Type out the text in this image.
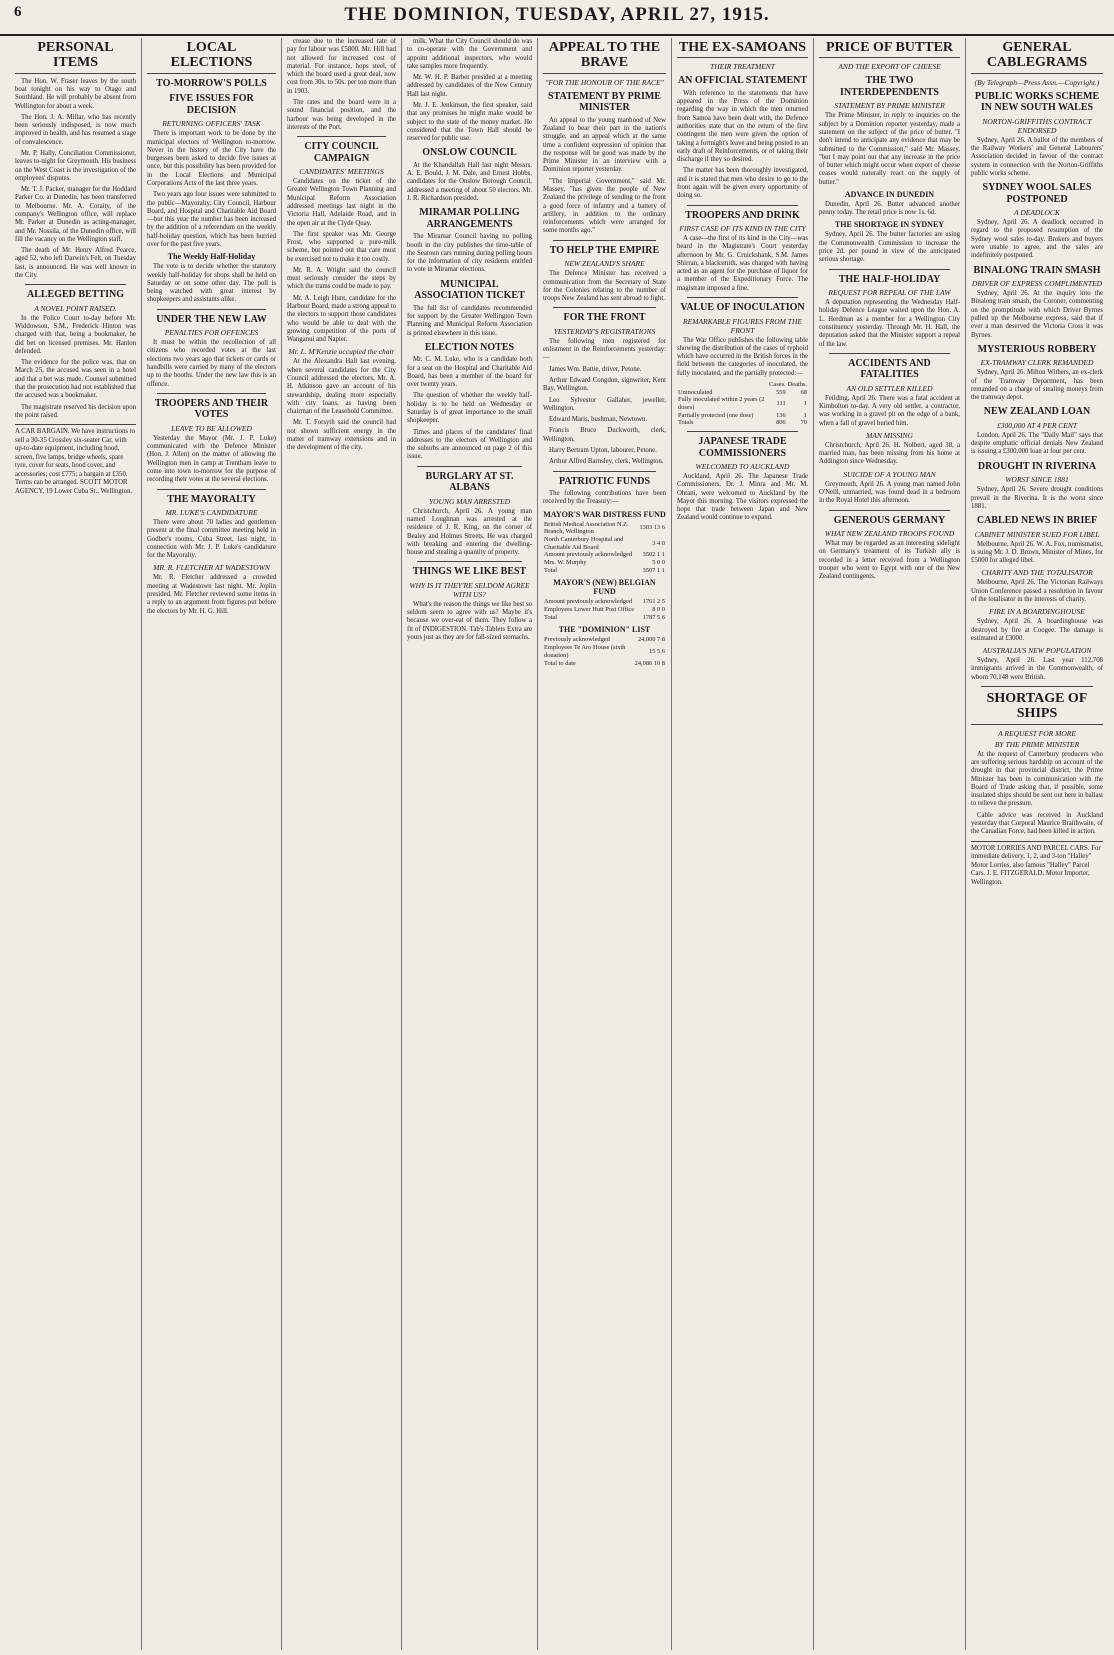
6	THE DOMINION, TUESDAY, APRIL 27, 1915.
PERSONAL ITEMS

The Hon. W. Fraser leaves by the south boat tonight on his way to Otago and Southland. He will probably be absent from Wellington for about a week.

The Hon. J. A. Millar, who has recently been seriously indisposed, is now much improved in health, and has resumed a stage of convalescence.

Mr. P. Hally, Conciliation Commissioner, leaves to-night for Greymouth. His business on the West Coast is the investigation of the employees' disputes.

Mr. T. J. Packer, manager for the Hoddard Parker Co. at Dunedin, has been transferred to Melbourne. Mr. A. Coraity, of the company's Wellington office, will replace Mr. Parker at Dunedin as acting-manager, and Mr. Nossila, of the Dunedin office, will fill the vacancy on the Wellington staff.

The death of Mr. Henry Alfred Pearce, aged 52, who left Darwin's Felt, on Tuesday last, is announced. He was well known in the City.

ALLEGED BETTING
A NOVEL POINT RAISED.

In the Police Court to-day before Mr. Widdowson, S.M., Frederick Hinton was charged with that, being a bookmaker, he did bet on licensed premises. Mr. Hanlon defended.

The evidence for the police was, that on March 25, the accused was seen in a hotel and that a bet was made. Counsel submitted that the prosecution had not established that the accused was a bookmaker.

The magistrate reserved his decision upon the point raised.

A CAR BARGAIN. We have instructions to sell a 30-35 Crossley six-seater Car, with up-to-date equipment, including hood, screen, five lamps, bridge wheels, spare tyre, cover for seats, hood cover, and accessories; cost £775; a bargain at £350. Terms can be arranged. SCOTT MOTOR AGENCY, 19 Lower Cuba St., Wellington.
LOCAL ELECTIONS
TO-MORROW'S POLLS
FIVE ISSUES FOR DECISION
RETURNING OFFICERS' TASK

There is important work to be done by the municipal electors of Wellington to-morrow. Never in the history of the City have the burgesses been asked to decide five issues at once, but this possibility has been provided for in the Local Elections and Municipal Corporations Acts of the last three years.

Two years ago four issues were submitted to the public—Mayoralty, City Council, Harbour Board, and Hospital and Charitable Aid Board—but this year the number has been increased by the addition of a referendum on the weekly half-holiday question, which has been hurried over for the past five years.

The Weekly Half-Holiday

The vote is to decide whether the statutory weekly half-holiday for shops shall be held on Saturday or on some other day. The poll is being watched with great interest by shopkeepers and assistants alike.

UNDER THE NEW LAW
PENALTIES FOR OFFENCES

It must be within the recollection of all citizens who recorded votes at the last elections two years ago that tickets or cards or handbills were carried by many of the electors up to the booths. Under the new law this is an offence.

TROOPERS AND THEIR VOTES
LEAVE TO BE ALLOWED

Yesterday the Mayor (Mr. J. P. Luke) communicated with the Defence Minister (Hon. J. Allen) on the matter of allowing the Wellington men in camp at Trentham leave to come into town to-morrow for the purpose of recording their votes at the several elections.

THE MAYORALTY
MR. LUKE'S CANDIDATURE

There were about 70 ladies and gentlemen present at the final committee meeting held in Godber's rooms, Cuba Street, last night, in connection with Mr. J. P. Luke's candidature for the Mayoralty.

MR. R. FLETCHER AT WADESTOWN

Mr. R. Fletcher addressed a crowded meeting at Wadestown last night. Mr. Joplin presided. Mr. Fletcher reviewed some items in a reply to an argument from figures put before the electors by Mr. H. G. Hill.

crease due to the increased rate of pay for labour was £5800. Mr. Hill had not allowed for increased cost of material. For instance, hops steel, of which the board used a great deal, now cost from 30s. to 50s. per ton more than in 1903.

The rates and the board were in a sound financial position, and the harbour was being developed in the interests of the Port.

CITY COUNCIL CAMPAIGN
CANDIDATES' MEETINGS

Candidates on the ticket of the Greater Wellington Town Planning and Municipal Reform Association addressed meetings last night in the Victoria Hall, Adelaide Road, and in the open air at the Clyde Quay.

The first speaker was Mr. George Frost, who supported a pure-milk scheme, but pointed out that care must be exercised not to make it too costly.

Mr. R. A. Wright said the council must seriously consider the steps by which the trams could be made to pay.

Mr. A. Leigh Hunt, candidate for the Harbour Board, made a strong appeal to the electors to support those candidates who would be able to deal with the growing competition of the ports of Wanganui and Napier.

Mr. L. M'Kenzie occupied the chair

At the Alexandra Hall last evening, when several candidates for the City Council addressed the electors, Mr. A. H. Atkinson gave an account of his stewardship, dealing more especially with city loans, as having been chairman of the Leasehold Committee.

Mr. T. Forsyth said the council had not shown sufficient energy in the matter of tramway extensions and in the development of the city.

milk. What the City Council should do was to co-operate with the Government and appoint additional inspectors, who would take samples more frequently.

Mr. W. H. P. Barber presided at a meeting addressed by candidates of the New Century Hall last night.

Mr. J. E. Jenkinson, the first speaker, said that any promises he might make would be subject to the state of the money market. He considered that the Town Hall should be reserved for public use.

ONSLOW COUNCIL

At the Khandallah Hall last night Messrs. A. E. Bould, J. M. Dale, and Ernest Hobbs, candidates for the Onslow Borough Council, addressed a meeting of about 50 electors. Mr. J. R. Richardson presided.

MIRAMAR POLLING ARRANGEMENTS

The Miramar Council having no polling booth in the city publishes the time-table of the Seatoun cars running during polling hours for the information of city residents entitled to vote in Miramar elections.

MUNICIPAL ASSOCIATION TICKET

The full list of candidates recommended for support by the Greater Wellington Town Planning and Municipal Reform Association is printed elsewhere in this issue.

ELECTION NOTES

Mr. C. M. Luke, who is a candidate both for a seat on the Hospital and Charitable Aid Board, has been a member of the board for over twenty years.

The question of whether the weekly half-holiday is to be held on Wednesday or Saturday is of great importance to the small shopkeeper.

Times and places of the candidates' final addresses to the electors of Wellington and the suburbs are announced on page 2 of this issue.

BURGLARY AT ST. ALBANS
YOUNG MAN ARRESTED

Christchurch, April 26. A young man named Loughnan was arrested at the residence of J. R. King, on the corner of Bealey and Holmes Streets. He was charged with breaking and entering the dwelling-house and stealing a quantity of property.

THINGS WE LIKE BEST
WHY IS IT THEY'RE SELDOM AGREE WITH US?

What's the reason the things we like best so seldom seem to agree with us? Maybe it's because we over-eat of them. They follow a fit of INDIGESTION. Tab's Tablets Extra are yours just as they are for fall-sized stomachs.

APPEAL TO THE BRAVE
"FOR THE HONOUR OF THE RACE"
STATEMENT BY PRIME MINISTER

An appeal to the young manhood of New Zealand to bear their part in the nation's struggle, and an appeal which at the same time a confident expression of opinion that the response will be good was made by the Prime Minister in an interview with a Dominion reporter yesterday.

"The Imperial Government," said Mr. Massey, "has given the people of New Zealand the privilege of sending to the front a good force of infantry and a battery of artillery, in addition to the ordinary reinforcements which were arranged for some months ago."

TO HELP THE EMPIRE
NEW ZEALAND'S SHARE

The Defence Minister has received a communication from the Secretary of State for the Colonies relating to the number of troops New Zealand has sent abroad to fight.

FOR THE FRONT
YESTERDAY'S REGISTRATIONS

The following men registered for enlistment in the Reinforcements yesterday:—

James Wm. Battie, driver, Petone.

Arthur Edward Congdon, signwriter, Kent Bay, Wellington.

Leo Sylvestor Gallaher, jeweller, Wellington.

Edward Maris, bushman, Newtown.

Francis Bruce Duckworth, clerk, Wellington.

Harry Bertram Upton, labourer, Petone.

Arthur Alfred Barnsley, clerk, Wellington.

PATRIOTIC FUNDS

The following contributions have been received by the Treasury:—

MAYOR'S WAR DISTRESS FUND
British Medical Association N.Z. Branch, Wellington	1303 13 6
North Canterbury Hospital and Charitable Aid Board	3 4 0
Amount previously acknowledged	3502 1 1
Mrs. W. Murphy	5 0 0
Total	3507 1 1
MAYOR'S (NEW) BELGIAN FUND
Amount previously acknowledged	1761 2 5
Employees Lower Hutt Post Office	8 0 0
Total	1787 5 6
THE "DOMINION" LIST
Previously acknowledged	24,000 7 8
Employees Te Aro House (sixth donation)	15 5 6
Total to date	24,086 10 8
THE EX-SAMOANS
THEIR TREATMENT
AN OFFICIAL STATEMENT

With reference to the statements that have appeared in the Press of the Dominion regarding the way in which the men returned from Samoa have been dealt with, the Defence authorities state that on the return of the first contingent the men were given the option of taking a fortnight's leave and being posted to an early draft of Reinforcements, or of taking their discharge if they so desired.

The matter has been thoroughly investigated, and it is stated that men who desire to go to the front again will be given every opportunity of doing so.

TROOPERS AND DRINK
FIRST CASE OF ITS KIND IN THE CITY

A case—the first of its kind in the City—was heard in the Magistrate's Court yesterday afternoon by Mr. G. Cruickshank, S.M. James Shirran, a blacksmith, was charged with having acted as an agent for the purchase of liquor for a member of the Expeditionary Force. The magistrate imposed a fine.

VALUE OF INOCULATION
REMARKABLE FIGURES FROM THE FRONT

The War Office publishes the following table showing the distribution of the cases of typhoid which have occurred in the British forces in the field between the categories of inoculated, the fully inoculated, and the partially protected:—

	Cases.	Deaths.
Uninoculated	559	68
Fully inoculated within 2 years (2 doses)	111	1
Partially protected (one dose)	136	1
Totals	806	70
JAPANESE TRADE COMMISSIONERS
WELCOMED TO AUCKLAND

Auckland, April 26. The Japanese Trade Commissioners, Dr. J. Minra and Mr. M. Ohtani, were welcomed to Auckland by the Mayor this morning. The visitors expressed the hope that trade between Japan and New Zealand would continue to expand.

PRICE OF BUTTER
AND THE EXPORT OF CHEESE
THE TWO INTERDEPENDENTS
STATEMENT BY PRIME MINISTER

The Prime Minister, in reply to inquiries on the subject by a Dominion reporter yesterday, made a statement on the subject of the price of butter. "I don't intend to anticipate any evidence that may be submitted to the Commission," said Mr. Massey, "but I may point out that any increase in the price of butter which might occur when export of cheese ceases would naturally react on the supply of butter."

ADVANCE IN DUNEDIN

Dunedin, April 26. Butter advanced another penny today. The retail price is now 1s. 6d.

THE SHORTAGE IN SYDNEY

Sydney, April 26. The butter factories are using the Commonwealth Commission to increase the price 2d. per pound in view of the anticipated serious shortage.

THE HALF-HOLIDAY
REQUEST FOR REPEAL OF THE LAW

A deputation representing the Wednesday Half-holiday Defence League waited upon the Hon. A. L. Herdman as a member for a Wellington City constituency yesterday. Through Mr. H. Hall, the deputation asked that the Minister support a repeal of the law.

ACCIDENTS AND FATALITIES
AN OLD SETTLER KILLED

Feilding, April 26. There was a fatal accident at Kimbolton to-day. A very old settler, a contractor, was working in a gravel pit on the edge of a bank, when a fall of gravel buried him.

MAN MISSING

Christchurch, April 26. H. Nolbert, aged 38, a married man, has been missing from his home at Addington since Wednesday.

SUICIDE OF A YOUNG MAN

Greymouth, April 26. A young man named John O'Neill, unmarried, was found dead in a bedroom in the Royal Hotel this afternoon.

GENEROUS GERMANY
WHAT NEW ZEALAND TROOPS FOUND

What may be regarded as an interesting sidelight on Germany's treatment of its Turkish ally is recorded in a letter received from a Wellington trooper who went to Egypt with one of the New Zealand contingents.

GENERAL CABLEGRAMS
(By Telegraph—Press Assn.—Copyright.)
PUBLIC WORKS SCHEME IN NEW SOUTH WALES
NORTON-GRIFFITHS CONTRACT ENDORSED

Sydney, April 26. A ballot of the members of the Railway Workers' and General Labourers' Association decided in favour of the contract system in connection with the Norton-Griffiths public works scheme.

SYDNEY WOOL SALES POSTPONED
A DEADLOCK

Sydney, April 26. A deadlock occurred in regard to the proposed resumption of the Sydney wool sales to-day. Brokers and buyers were unable to agree, and the sales are indefinitely postponed.

BINALONG TRAIN SMASH
DRIVER OF EXPRESS COMPLIMENTED

Sydney, April 26. At the inquiry into the Binalong train smash, the Coroner, commenting on the promptitude with which Driver Byrnes pulled up the Melbourne express, said that if ever a man deserved the Victoria Cross it was Byrnes.

MYSTERIOUS ROBBERY
EX-TRAMWAY CLERK REMANDED

Sydney, April 26. Milton Withers, an ex-clerk of the Tramway Department, has been remanded on a charge of stealing moneys from the tramway depot.

NEW ZEALAND LOAN
£300,000 AT 4 PER CENT

London, April 26. The "Daily Mail" says that despite emphatic official denials New Zealand is issuing a £300,000 loan at four per cent.

DROUGHT IN RIVERINA
WORST SINCE 1881

Sydney, April 26. Severe drought conditions prevail in the Riverina. It is the worst since 1881.

CABLED NEWS IN BRIEF
CABINET MINISTER SUED FOR LIBEL

Melbourne, April 26. W. A. Fox, numismatist, is suing Mr. J. D. Brown, Minister of Mines, for £5000 for alleged libel.

CHARITY AND THE TOTALISATOR

Melbourne, April 26. The Victorian Railways Union Conference passed a resolution in favour of the totalisator in the interests of charity.

FIRE IN A BOARDINGHOUSE

Sydney, April 26. A boardinghouse was destroyed by fire at Coogee. The damage is estimated at £3000.

AUSTRALIA'S NEW POPULATION

Sydney, April 26. Last year 112,708 immigrants arrived in the Commonwealth, of whom 70,148 were British.

SHORTAGE OF SHIPS
A REQUEST FOR MORE
BY THE PRIME MINISTER

At the request of Canterbury producers who are suffering serious hardship on account of the drought in that provincial district, the Prime Minister has been in communication with the Board of Trade asking that, if possible, some insulated ships should be sent out here in ballast to relieve the pressure.

Cable advice was received in Auckland yesterday that Corporal Maurice Braithwaite, of the Canadian Force, had been killed in action.

MOTOR LORRIES AND PARCEL CARS. For immediate delivery, 1, 2, and 3-ton "Halley" Motor Lorries, also famous "Halley" Parcel Cars. J. E. FITZGERALD, Motor Importer, Wellington.
